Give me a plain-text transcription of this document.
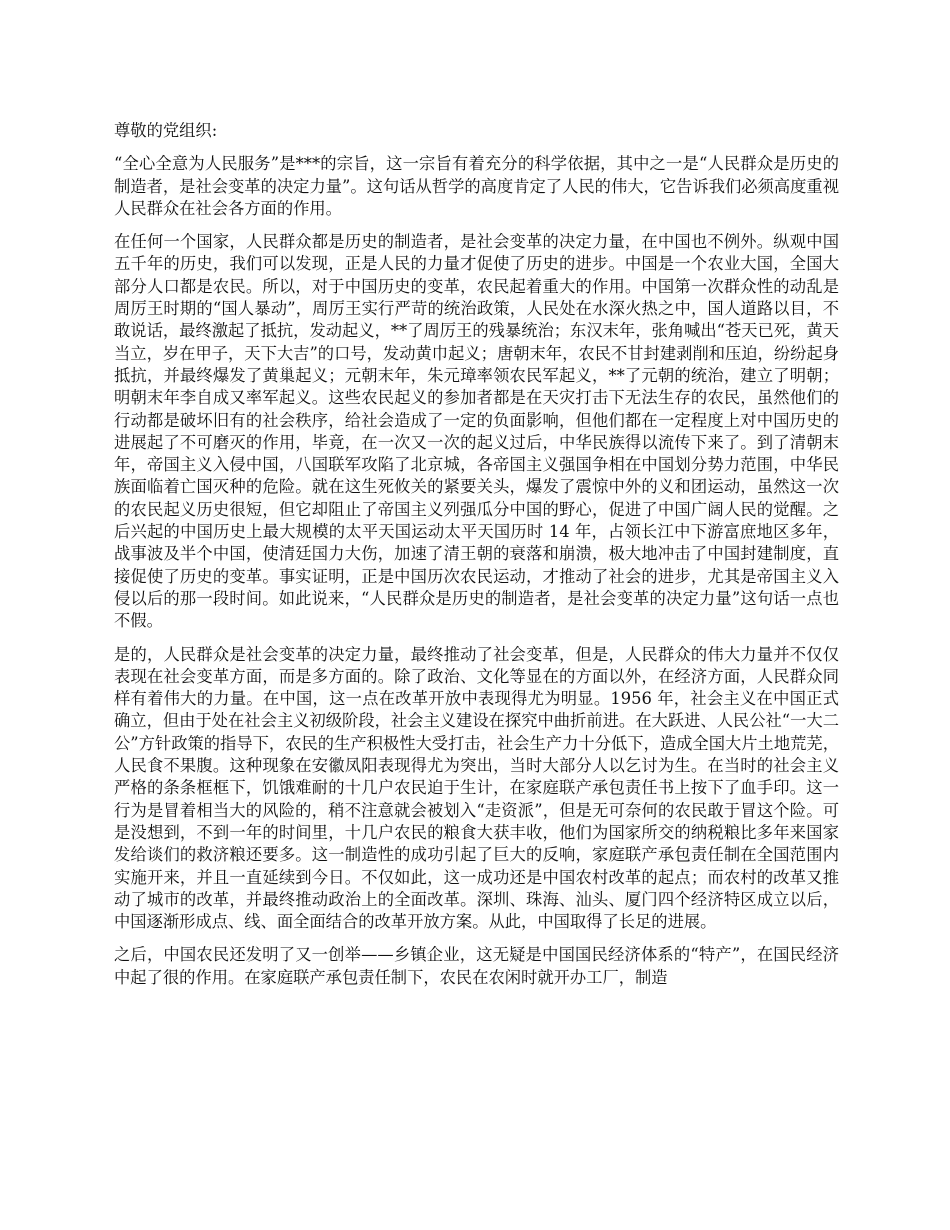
尊敬的党组织:

“全心全意为人民服务”是***的宗旨，这一宗旨有着充分的科学依据，其中之一是“人民群众是历史的制造者，是社会变革的决定力量”。这句话从哲学的高度肯定了人民的伟大，它告诉我们必须高度重视人民群众在社会各方面的作用。

在任何一个国家，人民群众都是历史的制造者，是社会变革的决定力量，在中国也不例外。纵观中国五千年的历史，我们可以发现，正是人民的力量才促使了历史的进步。中国是一个农业大国，全国大部分人口都是农民。所以，对于中国历史的变革，农民起着重大的作用。中国第一次群众性的动乱是周厉王时期的“国人暴动”，周厉王实行严苛的统治政策，人民处在水深火热之中，国人道路以目，不敢说话，最终激起了抵抗，发动起义，**了周厉王的残暴统治；东汉末年，张角喊出“苍天已死，黄天当立，岁在甲子，天下大吉”的口号，发动黄巾起义；唐朝末年，农民不甘封建剥削和压迫，纷纷起身抵抗，并最终爆发了黄巢起义；元朝末年，朱元璋率领农民军起义，**了元朝的统治，建立了明朝；明朝末年李自成又率军起义。这些农民起义的参加者都是在天灾打击下无法生存的农民，虽然他们的行动都是破坏旧有的社会秩序，给社会造成了一定的负面影响，但他们都在一定程度上对中国历史的进展起了不可磨灭的作用，毕竟，在一次又一次的起义过后，中华民族得以流传下来了。到了清朝末年，帝国主义入侵中国，八国联军攻陷了北京城，各帝国主义强国争相在中国划分势力范围，中华民族面临着亡国灭种的危险。就在这生死攸关的紧要关头，爆发了震惊中外的义和团运动，虽然这一次的农民起义历史很短，但它却阻止了帝国主义列强瓜分中国的野心，促进了中国广阔人民的觉醒。之后兴起的中国历史上最大规模的太平天国运动太平天国历时 14 年，占领长江中下游富庶地区多年，战事波及半个中国，使清廷国力大伤，加速了清王朝的衰落和崩溃，极大地冲击了中国封建制度，直接促使了历史的变革。事实证明，正是中国历次农民运动，才推动了社会的进步，尤其是帝国主义入侵以后的那一段时间。如此说来，“人民群众是历史的制造者，是社会变革的决定力量”这句话一点也不假。

是的，人民群众是社会变革的决定力量，最终推动了社会变革，但是，人民群众的伟大力量并不仅仅表现在社会变革方面，而是多方面的。除了政治、文化等显在的方面以外，在经济方面，人民群众同样有着伟大的力量。在中国，这一点在改革开放中表现得尤为明显。1956 年，社会主义在中国正式确立，但由于处在社会主义初级阶段，社会主义建设在探究中曲折前进。在大跃进、人民公社“一大二公”方针政策的指导下，农民的生产积极性大受打击，社会生产力十分低下，造成全国大片土地荒芜，人民食不果腹。这种现象在安徽凤阳表现得尤为突出，当时大部分人以乞讨为生。在当时的社会主义严格的条条框框下，饥饿难耐的十几户农民迫于生计，在家庭联产承包责任书上按下了血手印。这一行为是冒着相当大的风险的，稍不注意就会被划入“走资派”，但是无可奈何的农民敢于冒这个险。可是没想到，不到一年的时间里，十几户农民的粮食大获丰收，他们为国家所交的纳税粮比多年来国家发给谈们的救济粮还要多。这一制造性的成功引起了巨大的反响，家庭联产承包责任制在全国范围内实施开来，并且一直延续到今日。不仅如此，这一成功还是中国农村改革的起点；而农村的改革又推动了城市的改革，并最终推动政治上的全面改革。深圳、珠海、汕头、厦门四个经济特区成立以后，中国逐渐形成点、线、面全面结合的改革开放方案。从此，中国取得了长足的进展。

之后，中国农民还发明了又一创举——乡镇企业，这无疑是中国国民经济体系的“特产”，在国民经济中起了很的作用。在家庭联产承包责任制下，农民在农闲时就开办工厂，制造
